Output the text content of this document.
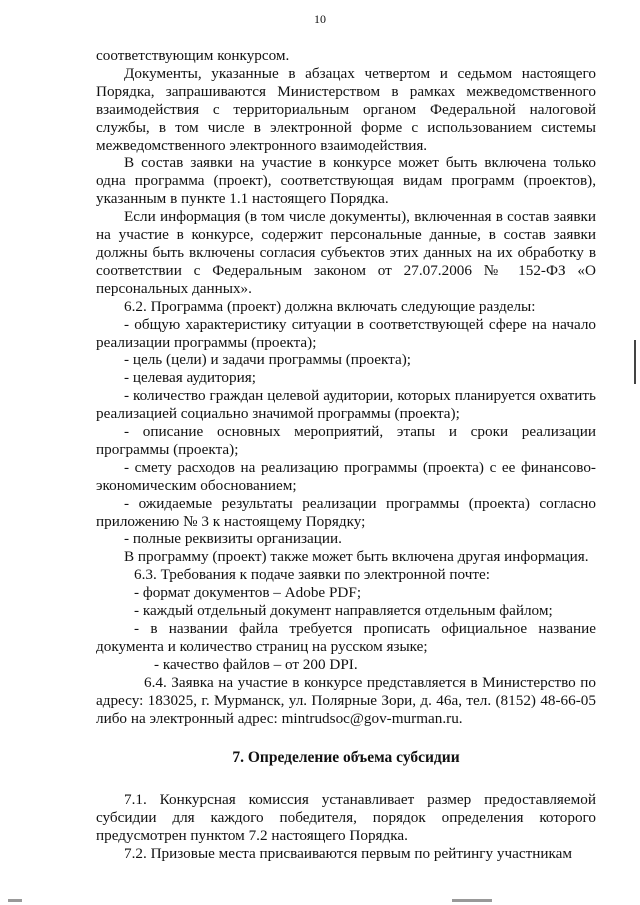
10

соответствующим конкурсом.

Документы, указанные в абзацах четвертом и седьмом настоящего Порядка, запрашиваются Министерством в рамках межведомственного взаимодействия с территориальным органом Федеральной налоговой службы, в том числе в электронной форме с использованием системы межведомственного электронного взаимодействия.

В состав заявки на участие в конкурсе может быть включена только одна программа (проект), соответствующая видам программ (проектов), указанным в пункте 1.1 настоящего Порядка.

Если информация (в том числе документы), включенная в состав заявки на участие в конкурсе, содержит персональные данные, в состав заявки должны быть включены согласия субъектов этих данных на их обработку в соответствии с Федеральным законом от 27.07.2006 № 152-ФЗ «О персональных данных».

6.2. Программа (проект) должна включать следующие разделы:

- общую характеристику ситуации в соответствующей сфере на начало реализации программы (проекта);

- цель (цели) и задачи программы (проекта);

- целевая аудитория;

- количество граждан целевой аудитории, которых планируется охватить реализацией социально значимой программы (проекта);

- описание основных мероприятий, этапы и сроки реализации программы (проекта);

- смету расходов на реализацию программы (проекта) с ее финансово-экономическим обоснованием;

- ожидаемые результаты реализации программы (проекта) согласно приложению № 3 к настоящему Порядку;

- полные реквизиты организации.

В программу (проект) также может быть включена другая информация.

6.3. Требования к подаче заявки по электронной почте:

- формат документов – Adobe PDF;

- каждый отдельный документ направляется отдельным файлом;

- в названии файла требуется прописать официальное название документа и количество страниц на русском языке;

- качество файлов – от 200 DPI.

6.4. Заявка на участие в конкурсе представляется в Министерство по адресу: 183025, г. Мурманск, ул. Полярные Зори, д. 46а, тел. (8152) 48-66-05 либо на электронный адрес: mintrudsoc@gov-murman.ru.

7. Определение объема субсидии

7.1. Конкурсная комиссия устанавливает размер предоставляемой субсидии для каждого победителя, порядок определения которого предусмотрен пунктом 7.2 настоящего Порядка.

7.2. Призовые места присваиваются первым по рейтингу участникам
